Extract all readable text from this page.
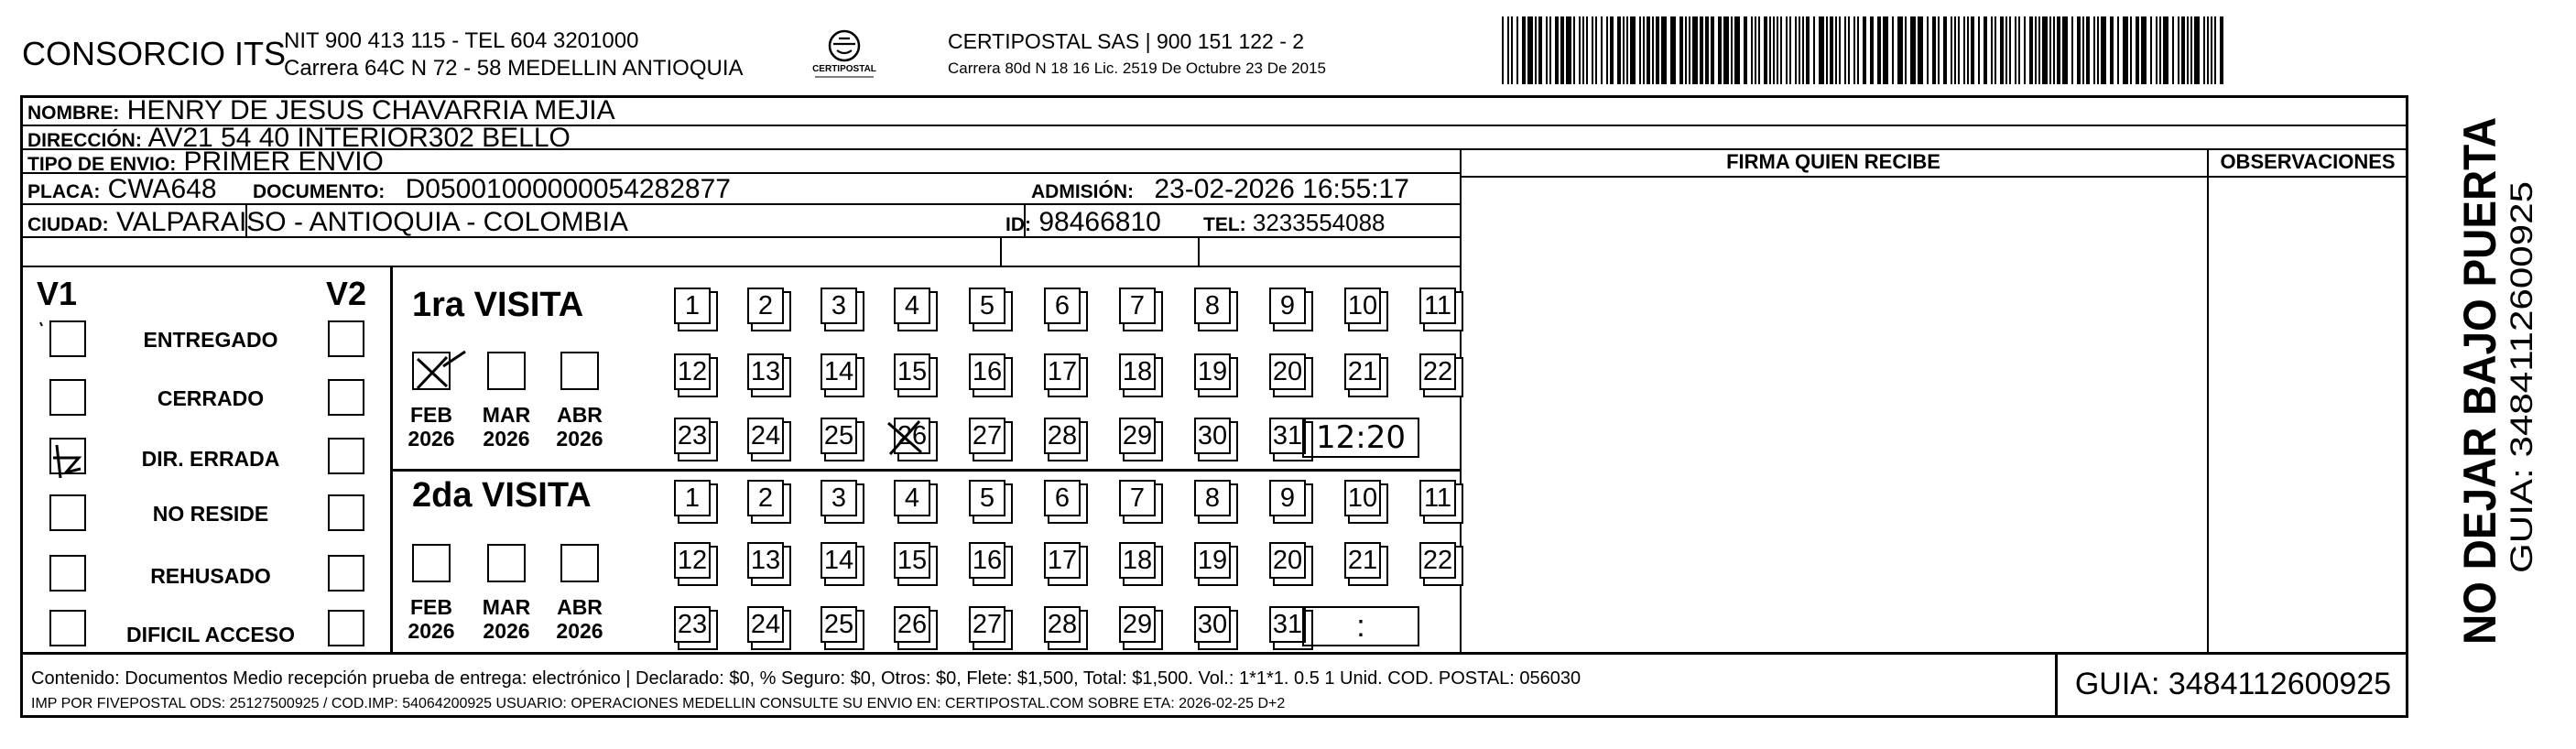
CONSORCIO ITS
NIT 900 413 115 - TEL 604 3201000
Carrera 64C N 72 - 58 MEDELLIN ANTIOQUIA	CERTIPOSTAL
CERTIPOSTAL SAS | 900 151 122 - 2
Carrera 80d N 18 16 Lic. 2519 De Octubre 23 De 2015
NOMBRE: HENRY DE JESUS CHAVARRIA MEJIA
DIRECCIÓN: AV21 54 40 INTERIOR302 BELLO
TIPO DE ENVIO: PRIMER ENVIO	FIRMA QUIEN RECIBE	OBSERVACIONES
PLACA: CWA648 DOCUMENTO: D05001000000054282877	ADMISIÓN: 23-02-2026 16:55:17
CIUDAD: VALPARAISO - ANTIOQUIA - COLOMBIA	ID: 98466810 TEL: 3233554088
V1	V2
ENTREGADO
CERRADO
DIR. ERRADA
NO RESIDE
REHUSADO
DIFICIL ACCESO
1ra VISITA
FEB
2026
MAR
2026
ABR
2026
1	2	3	4	5	6	7	8	9	10 11
12 13 14 15 16 17 18 19 20 21 22
23 24 25 26 27 28 29 30 31 12:20
2da VISITA
FEB
2026
MAR
2026
ABR
2026
1	2	3	4	5	6	7	8	9	10 11
12 13 14 15 16 17 18 19 20 21 22
23 24 25 26 27 28 29 30 31	:
Contenido: Documentos Medio recepción prueba de entrega: electrónico | Declarado: $0, % Seguro: $0, Otros: $0, Flete: $1,500, Total: $1,500. Vol.: 1*1*1. 0.5 1 Unid. COD. POSTAL: 056030
IMP POR FIVEPOSTAL ODS: 25127500925 / COD.IMP: 54064200925 USUARIO: OPERACIONES MEDELLIN CONSULTE SU ENVIO EN: CERTIPOSTAL.COM SOBRE ETA: 2026-02-25 D+2
GUIA: 3484112600925
NO DEJAR BAJO PUERTA GUIA: 3484112600925
